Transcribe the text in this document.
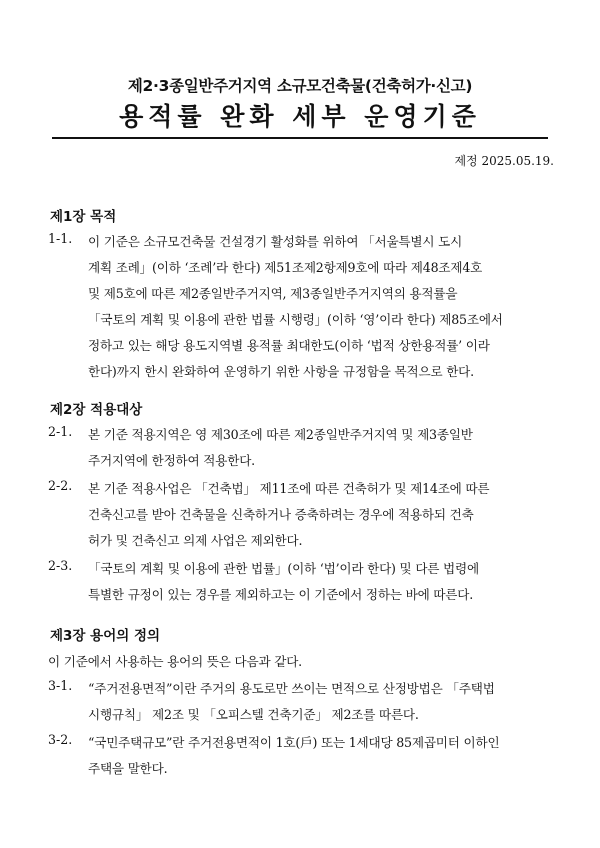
제2·3종일반주거지역 소규모건축물(건축허가·신고)
용적률 완화 세부 운영기준
제정 2025.05.19.
제1장 목적
1-1. 이 기준은 소규모건축물 건설경기 활성화를 위하여 「서울특별시 도시
계획 조례」(이하 ‘조례’라 한다) 제51조제2항제9호에 따라 제48조제4호
및 제5호에 따른 제2종일반주거지역, 제3종일반주거지역의 용적률을
「국토의 계획 및 이용에 관한 법률 시행령」(이하 ‘영’이라 한다) 제85조에서
정하고 있는 해당 용도지역별 용적률 최대한도(이하 ‘법적 상한용적률’ 이라
한다)까지 한시 완화하여 운영하기 위한 사항을 규정함을 목적으로 한다.
제2장 적용대상
2-1. 본 기준 적용지역은 영 제30조에 따른 제2종일반주거지역 및 제3종일반
주거지역에 한정하여 적용한다.
2-2. 본 기준 적용사업은 「건축법」 제11조에 따른 건축허가 및 제14조에 따른
건축신고를 받아 건축물을 신축하거나 증축하려는 경우에 적용하되 건축
허가 및 건축신고 의제 사업은 제외한다.
2-3. 「국토의 계획 및 이용에 관한 법률」(이하 ‘법’이라 한다) 및 다른 법령에
특별한 규정이 있는 경우를 제외하고는 이 기준에서 정하는 바에 따른다.
제3장 용어의 정의
이 기준에서 사용하는 용어의 뜻은 다음과 같다.
3-1. “주거전용면적”이란 주거의 용도로만 쓰이는 면적으로 산정방법은 「주택법
시행규칙」 제2조 및 「오피스텔 건축기준」 제2조를 따른다.
3-2. “국민주택규모”란 주거전용면적이 1호(戶) 또는 1세대당 85제곱미터 이하인
주택을 말한다.
